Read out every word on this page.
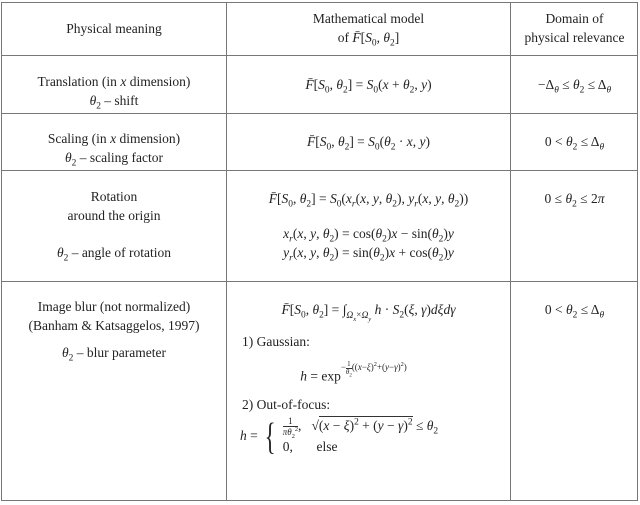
Physical meaning
Mathematical model
of $F̄[S_0$, $\theta_2$]
Domain of
physical relevance
Translation (in x dimension)
$\theta_2$ – shift
$F̄[S_0$, $\theta_2] = S_0(x + \theta_2$, y)	$-\Delta_\theta \le \theta_2 \le \Delta_\theta$
Scaling (in x dimension)
$\theta_2$ – scaling factor
$F̄[S_0$, $\theta_2] = S_0(\theta_2 \cdot x$, y)	$0 < \theta_2 \le \Delta_\theta$
Rotation
around the origin
$\theta_2$ – angle of rotation
$F̄[S_0$, $\theta_2] = S_0(x_r(x$, y, $\theta_2$), $y_r(x$, y, $\theta_2$))
$x_r(x$, y, $\theta_2) = \cos(\theta_2)x - \sin(\theta_2)y$
$y_r(x$, y, $\theta_2) = \sin(\theta_2)x + \cos(\theta_2)y$
$0 \le \theta_2 \le 2\pi$
Image blur (not normalized)
(Banham & Katsaggelos, 1997)
$\theta_2$ – blur parameter
$F̄[S_0$, $\theta_2] = \int_{\Omega_x\times\Omega_y}$ $h \cdot S_2(\xi$, γ)dξdγ
1) Gaussian:
$h = \exp^{- \frac{1}{\theta_2} ((x-\xi)^2+(y-\gamma)^2)}$
2) Out-of-focus:
h = { $\frac{1}{\pi\theta_2^2}$ ,   $√(x - \xi)^2 + (y - \gamma)^2 \le \theta_2$
0,       else
$0 < \theta_2 \le \Delta_\theta$
